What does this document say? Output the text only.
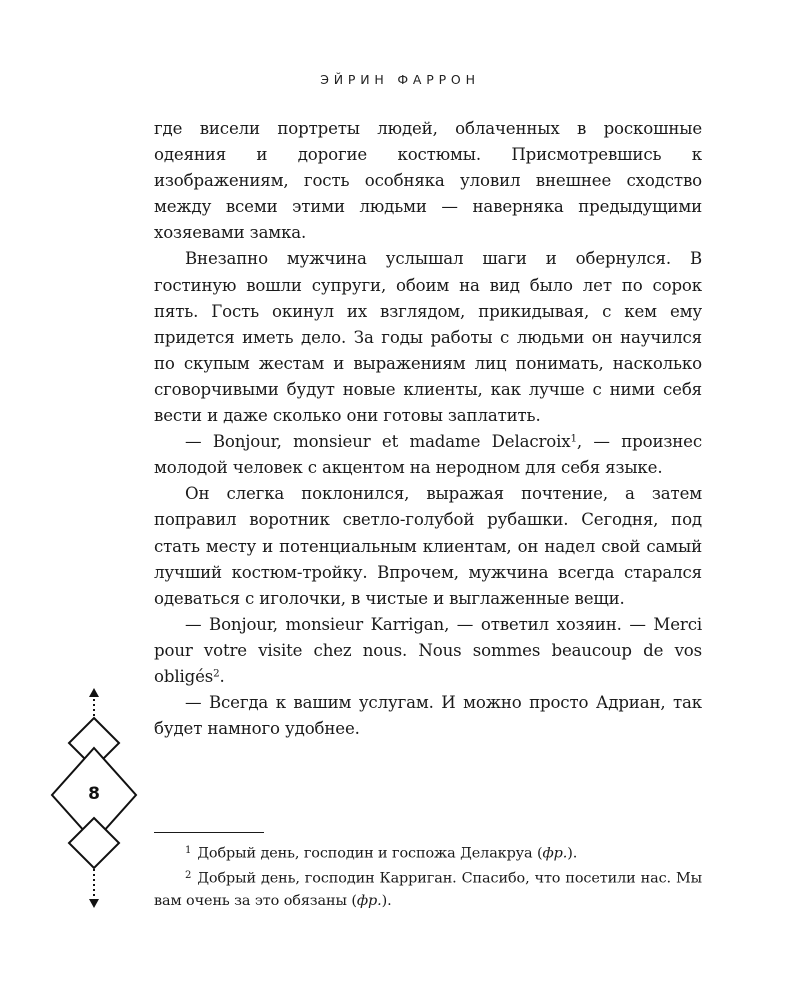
ЭЙРИН ФАРРОН

где висели портреты людей, облаченных в роскошные одеяния и дорогие костюмы. Присмотревшись к изображениям, гость особняка уловил внешнее сходство между всеми этими людьми — наверняка предыдущими хозяевами замка.

Внезапно мужчина услышал шаги и обернулся. В гостиную вошли супруги, обоим на вид было лет по сорок пять. Гость окинул их взглядом, прикидывая, с кем ему придется иметь дело. За годы работы с людьми он научился по скупым жестам и выражениям лиц понимать, насколько сговорчивыми будут новые клиенты, как лучше с ними себя вести и даже сколько они готовы заплатить.

— Bonjour, monsieur et madame Delacroix$^1$, — произнес молодой человек с акцентом на неродном для себя языке.

Он слегка поклонился, выражая почтение, а затем поправил воротник светло-голубой рубашки. Сегодня, под стать месту и потенциальным клиентам, он надел свой самый лучший костюм-тройку. Впрочем, мужчина всегда старался одеваться с иголочки, в чистые и выглаженные вещи.

— Bonjour, monsieur Karrigan, — ответил хозяин. — Merci pour votre visite chez nous. Nous sommes beaucoup de vos obligés$^2$.

— Всегда к вашим услугам. И можно просто Адриан, так будет намного удобнее.

$^1$ Добрый день, господин и госпожа Делакруа (фр.).

$^2$ Добрый день, господин Карриган. Спасибо, что посетили нас. Мы вам очень за это обязаны (фр.).

8
